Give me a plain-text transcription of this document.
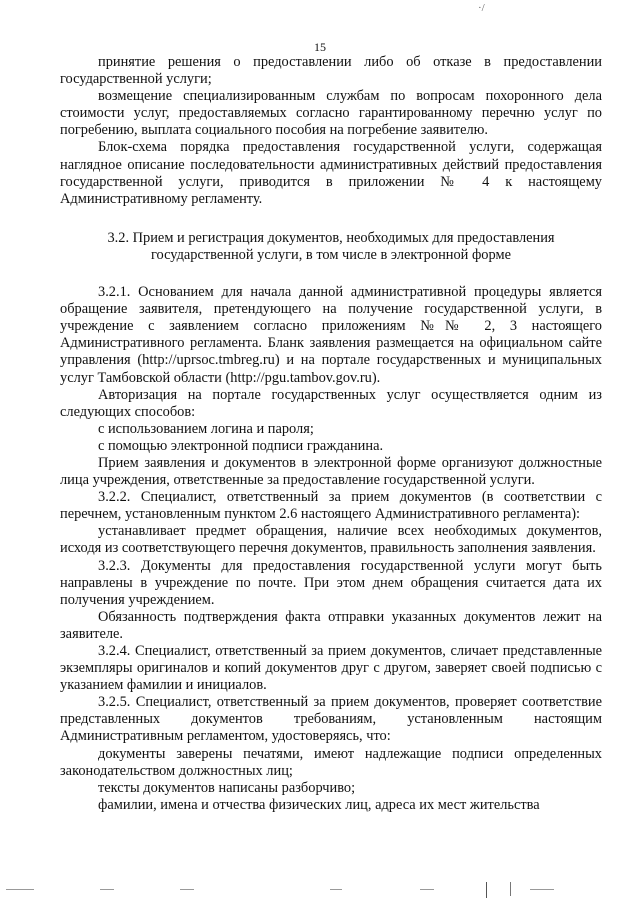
·/
15

принятие решения о предоставлении либо об отказе в предоставлении государственной услуги;

возмещение специализированным службам по вопросам похоронного дела стоимости услуг, предоставляемых согласно гарантированному перечню услуг по погребению, выплата социального пособия на погребение заявителю.

Блок-схема порядка предоставления государственной услуги, содержащая наглядное описание последовательности административных действий предоставления государственной услуги, приводится в приложении № 4 к настоящему Административному регламенту.

3.2. Прием и регистрация документов, необходимых для предоставления государственной услуги, в том числе в электронной форме

3.2.1. Основанием для начала данной административной процедуры является обращение заявителя, претендующего на получение государственной услуги, в учреждение с заявлением согласно приложениям №№ 2, 3 настоящего Административного регламента. Бланк заявления размещается на официальном сайте управления (http://uprsoc.tmbreg.ru) и на портале государственных и муниципальных услуг Тамбовской области (http://pgu.tambov.gov.ru).

Авторизация на портале государственных услуг осуществляется одним из следующих способов:

с использованием логина и пароля;

с помощью электронной подписи гражданина.

Прием заявления и документов в электронной форме организуют должностные лица учреждения, ответственные за предоставление государственной услуги.

3.2.2. Специалист, ответственный за прием документов (в соответствии с перечнем, установленным пунктом 2.6 настоящего Административного регламента):

устанавливает предмет обращения, наличие всех необходимых документов, исходя из соответствующего перечня документов, правильность заполнения заявления.

3.2.3. Документы для предоставления государственной услуги могут быть направлены в учреждение по почте. При этом днем обращения считается дата их получения учреждением.

Обязанность подтверждения факта отправки указанных документов лежит на заявителе.

3.2.4. Специалист, ответственный за прием документов, сличает представленные экземпляры оригиналов и копий документов друг с другом, заверяет своей подписью с указанием фамилии и инициалов.

3.2.5. Специалист, ответственный за прием документов, проверяет соответствие представленных документов требованиям, установленным настоящим Административным регламентом, удостоверяясь, что:

документы заверены печатями, имеют надлежащие подписи определенных законодательством должностных лиц;

тексты документов написаны разборчиво;

фамилии, имена и отчества физических лиц, адреса их мест жительства
